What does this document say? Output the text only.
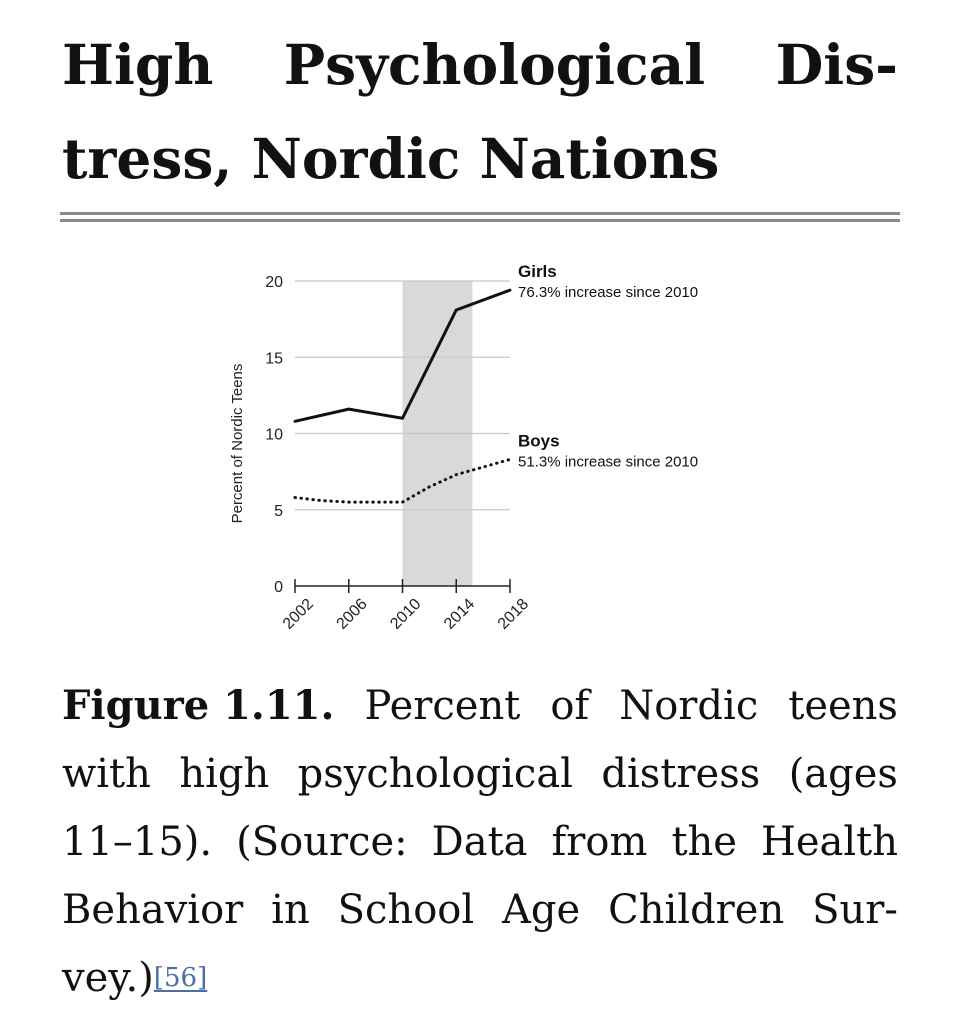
High Psychological Dis-
tress, Nordic Nations
0
5
10
15
20
Percent of Nordic Teens
2002 2006 2010 2014 2018
Girls
76.3% increase since 2010
Boys
51.3% increase since 2010
Figure 1.11. Percent of Nordic teens
with high psychological distress (ages
11–15). (Source: Data from the Health
Behavior in School Age Children Sur-
vey.) [56]
